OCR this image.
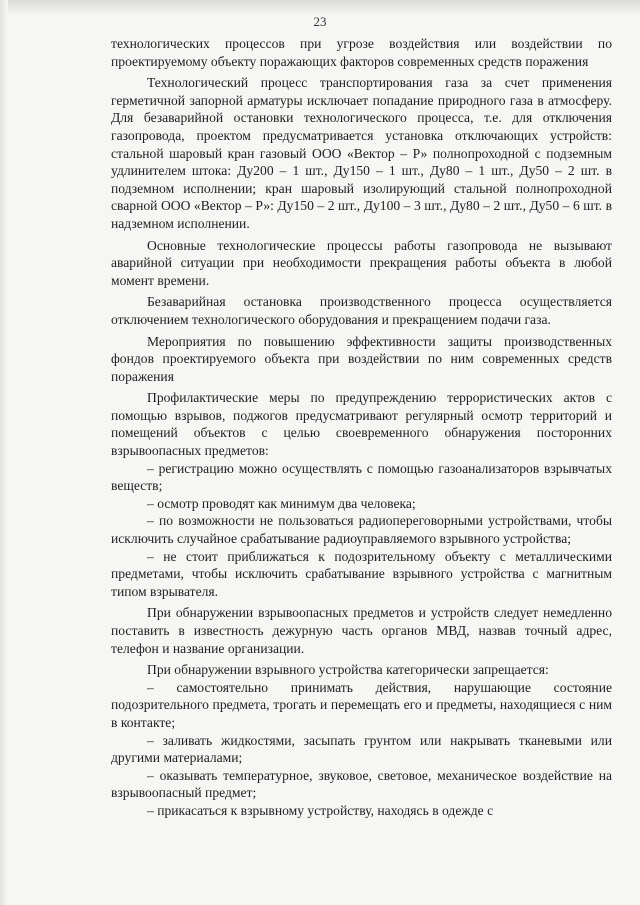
23

технологических процессов при угрозе воздействия или воздействии по проектируемому объекту поражающих факторов современных средств поражения

Технологический процесс транспортирования газа за счет применения герметичной запорной арматуры исключает попадание природного газа в атмосферу. Для безаварийной остановки технологического процесса, т.е. для отключения газопровода, проектом предусматривается установка отключающих устройств: стальной шаровый кран газовый ООО «Вектор – Р» полнопроходной с подземным удлинителем штока: Ду200 – 1 шт., Ду150 – 1 шт., Ду80 – 1 шт., Ду50 – 2 шт. в подземном исполнении; кран шаровый изолирующий стальной полнопроходной сварной ООО «Вектор – Р»: Ду150 – 2 шт., Ду100 – 3 шт., Ду80 – 2 шт., Ду50 – 6 шт. в надземном исполнении.

Основные технологические процессы работы газопровода не вызывают аварийной ситуации при необходимости прекращения работы объекта в любой момент времени.

Безаварийная остановка производственного процесса осуществляется отключением технологического оборудования и прекращением подачи газа.

Мероприятия по повышению эффективности защиты производственных фондов проектируемого объекта при воздействии по ним современных средств поражения

Профилактические меры по предупреждению террористических актов с помощью взрывов, поджогов предусматривают регулярный осмотр территорий и помещений объектов с целью своевременного обнаружения посторонних взрывоопасных предметов:

– регистрацию можно осуществлять с помощью газоанализаторов взрывчатых веществ;

– осмотр проводят как минимум два человека;

– по возможности не пользоваться радиопереговорными устройствами, чтобы исключить случайное срабатывание радиоуправляемого взрывного устройства;

– не стоит приближаться к подозрительному объекту с металлическими предметами, чтобы исключить срабатывание взрывного устройства с магнитным типом взрывателя.

При обнаружении взрывоопасных предметов и устройств следует немедленно поставить в известность дежурную часть органов МВД, назвав точный адрес, телефон и название организации.

При обнаружении взрывного устройства категорически запрещается:

– самостоятельно принимать действия, нарушающие состояние подозрительного предмета, трогать и перемещать его и предметы, находящиеся с ним в контакте;

– заливать жидкостями, засыпать грунтом или накрывать тканевыми или другими материалами;

– оказывать температурное, звуковое, световое, механическое воздействие на взрывоопасный предмет;

– прикасаться к взрывному устройству, находясь в одежде с
